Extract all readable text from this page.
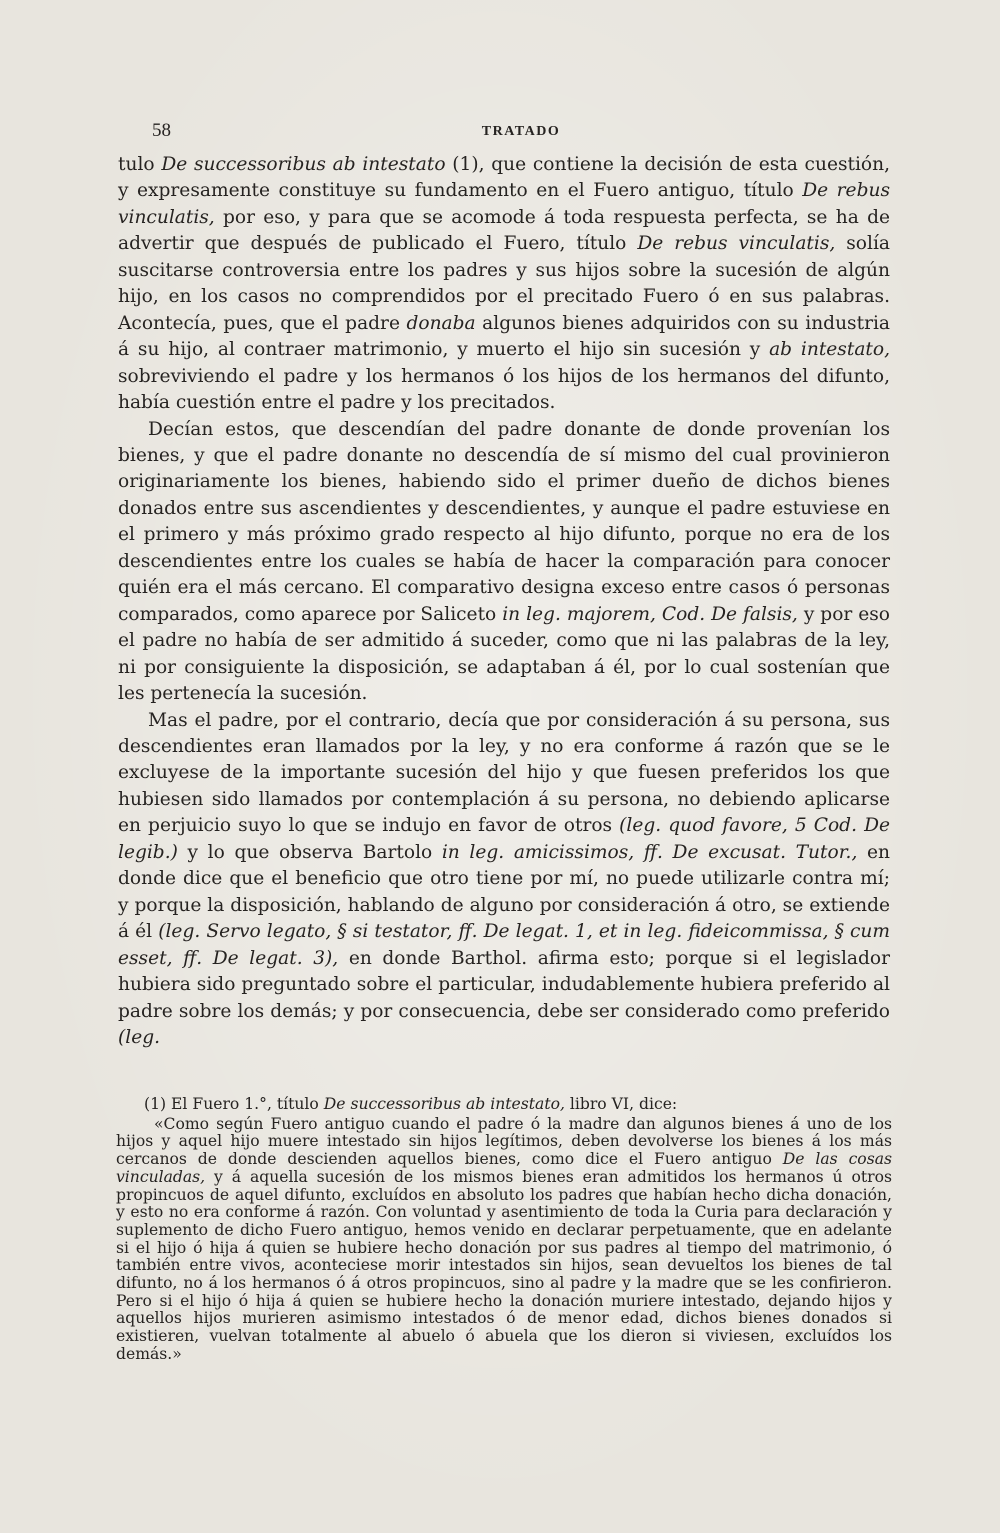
58	TRATADO

tulo De successoribus ab intestato (1), que contiene la decisión de esta cuestión, y expresamente constituye su fundamento en el Fuero antiguo, título De rebus vinculatis, por eso, y para que se acomode á toda respuesta perfecta, se ha de advertir que después de publicado el Fuero, título De rebus vinculatis, solía suscitarse controversia entre los padres y sus hijos sobre la sucesión de algún hijo, en los casos no comprendidos por el precitado Fuero ó en sus palabras. Acontecía, pues, que el padre donaba algunos bienes adquiridos con su industria á su hijo, al contraer matrimonio, y muerto el hijo sin sucesión y ab intestato, sobreviviendo el padre y los hermanos ó los hijos de los hermanos del difunto, había cuestión entre el padre y los precitados.

Decían estos, que descendían del padre donante de donde provenían los bienes, y que el padre donante no descendía de sí mismo del cual provinieron originariamente los bienes, habiendo sido el primer dueño de dichos bienes donados entre sus ascendientes y descendientes, y aunque el padre estuviese en el primero y más próximo grado respecto al hijo difunto, porque no era de los descendientes entre los cuales se había de hacer la comparación para conocer quién era el más cercano. El comparativo designa exceso entre casos ó personas comparados, como aparece por Saliceto in leg. majorem, Cod. De falsis, y por eso el padre no había de ser admitido á suceder, como que ni las palabras de la ley, ni por consiguiente la disposición, se adaptaban á él, por lo cual sostenían que les pertenecía la sucesión.

Mas el padre, por el contrario, decía que por consideración á su persona, sus descendientes eran llamados por la ley, y no era conforme á razón que se le excluyese de la importante sucesión del hijo y que fuesen preferidos los que hubiesen sido llamados por contemplación á su persona, no debiendo aplicarse en perjuicio suyo lo que se indujo en favor de otros (leg. quod favore, 5 Cod. De legib.) y lo que observa Bartolo in leg. amicissimos, ff. De excusat. Tutor., en donde dice que el beneficio que otro tiene por mí, no puede utilizarle contra mí; y porque la disposición, hablando de alguno por consideración á otro, se extiende á él (leg. Servo legato, § si testator, ff. De legat. 1, et in leg. fideicommissa, § cum esset, ff. De legat. 3), en donde Barthol. afirma esto; porque si el legislador hubiera sido preguntado sobre el particular, indudablemente hubiera preferido al padre sobre los demás; y por consecuencia, debe ser considerado como preferido (leg.

(1) El Fuero 1.°, título De successoribus ab intestato, libro VI, dice:

«Como según Fuero antiguo cuando el padre ó la madre dan algunos bienes á uno de los hijos y aquel hijo muere intestado sin hijos legítimos, deben devolverse los bienes á los más cercanos de donde descienden aquellos bienes, como dice el Fuero antiguo De las cosas vinculadas, y á aquella sucesión de los mismos bienes eran admitidos los hermanos ú otros propincuos de aquel difunto, excluídos en absoluto los padres que habían hecho dicha donación, y esto no era conforme á razón. Con voluntad y asentimiento de toda la Curia para declaración y suplemento de dicho Fuero antiguo, hemos venido en declarar perpetuamente, que en adelante si el hijo ó hija á quien se hubiere hecho donación por sus padres al tiempo del matrimonio, ó también entre vivos, aconteciese morir intestados sin hijos, sean devueltos los bienes de tal difunto, no á los hermanos ó á otros propincuos, sino al padre y la madre que se les confirieron. Pero si el hijo ó hija á quien se hubiere hecho la donación muriere intestado, dejando hijos y aquellos hijos murieren asimismo intestados ó de menor edad, dichos bienes donados si existieren, vuelvan totalmente al abuelo ó abuela que los dieron si viviesen, excluídos los demás.»
